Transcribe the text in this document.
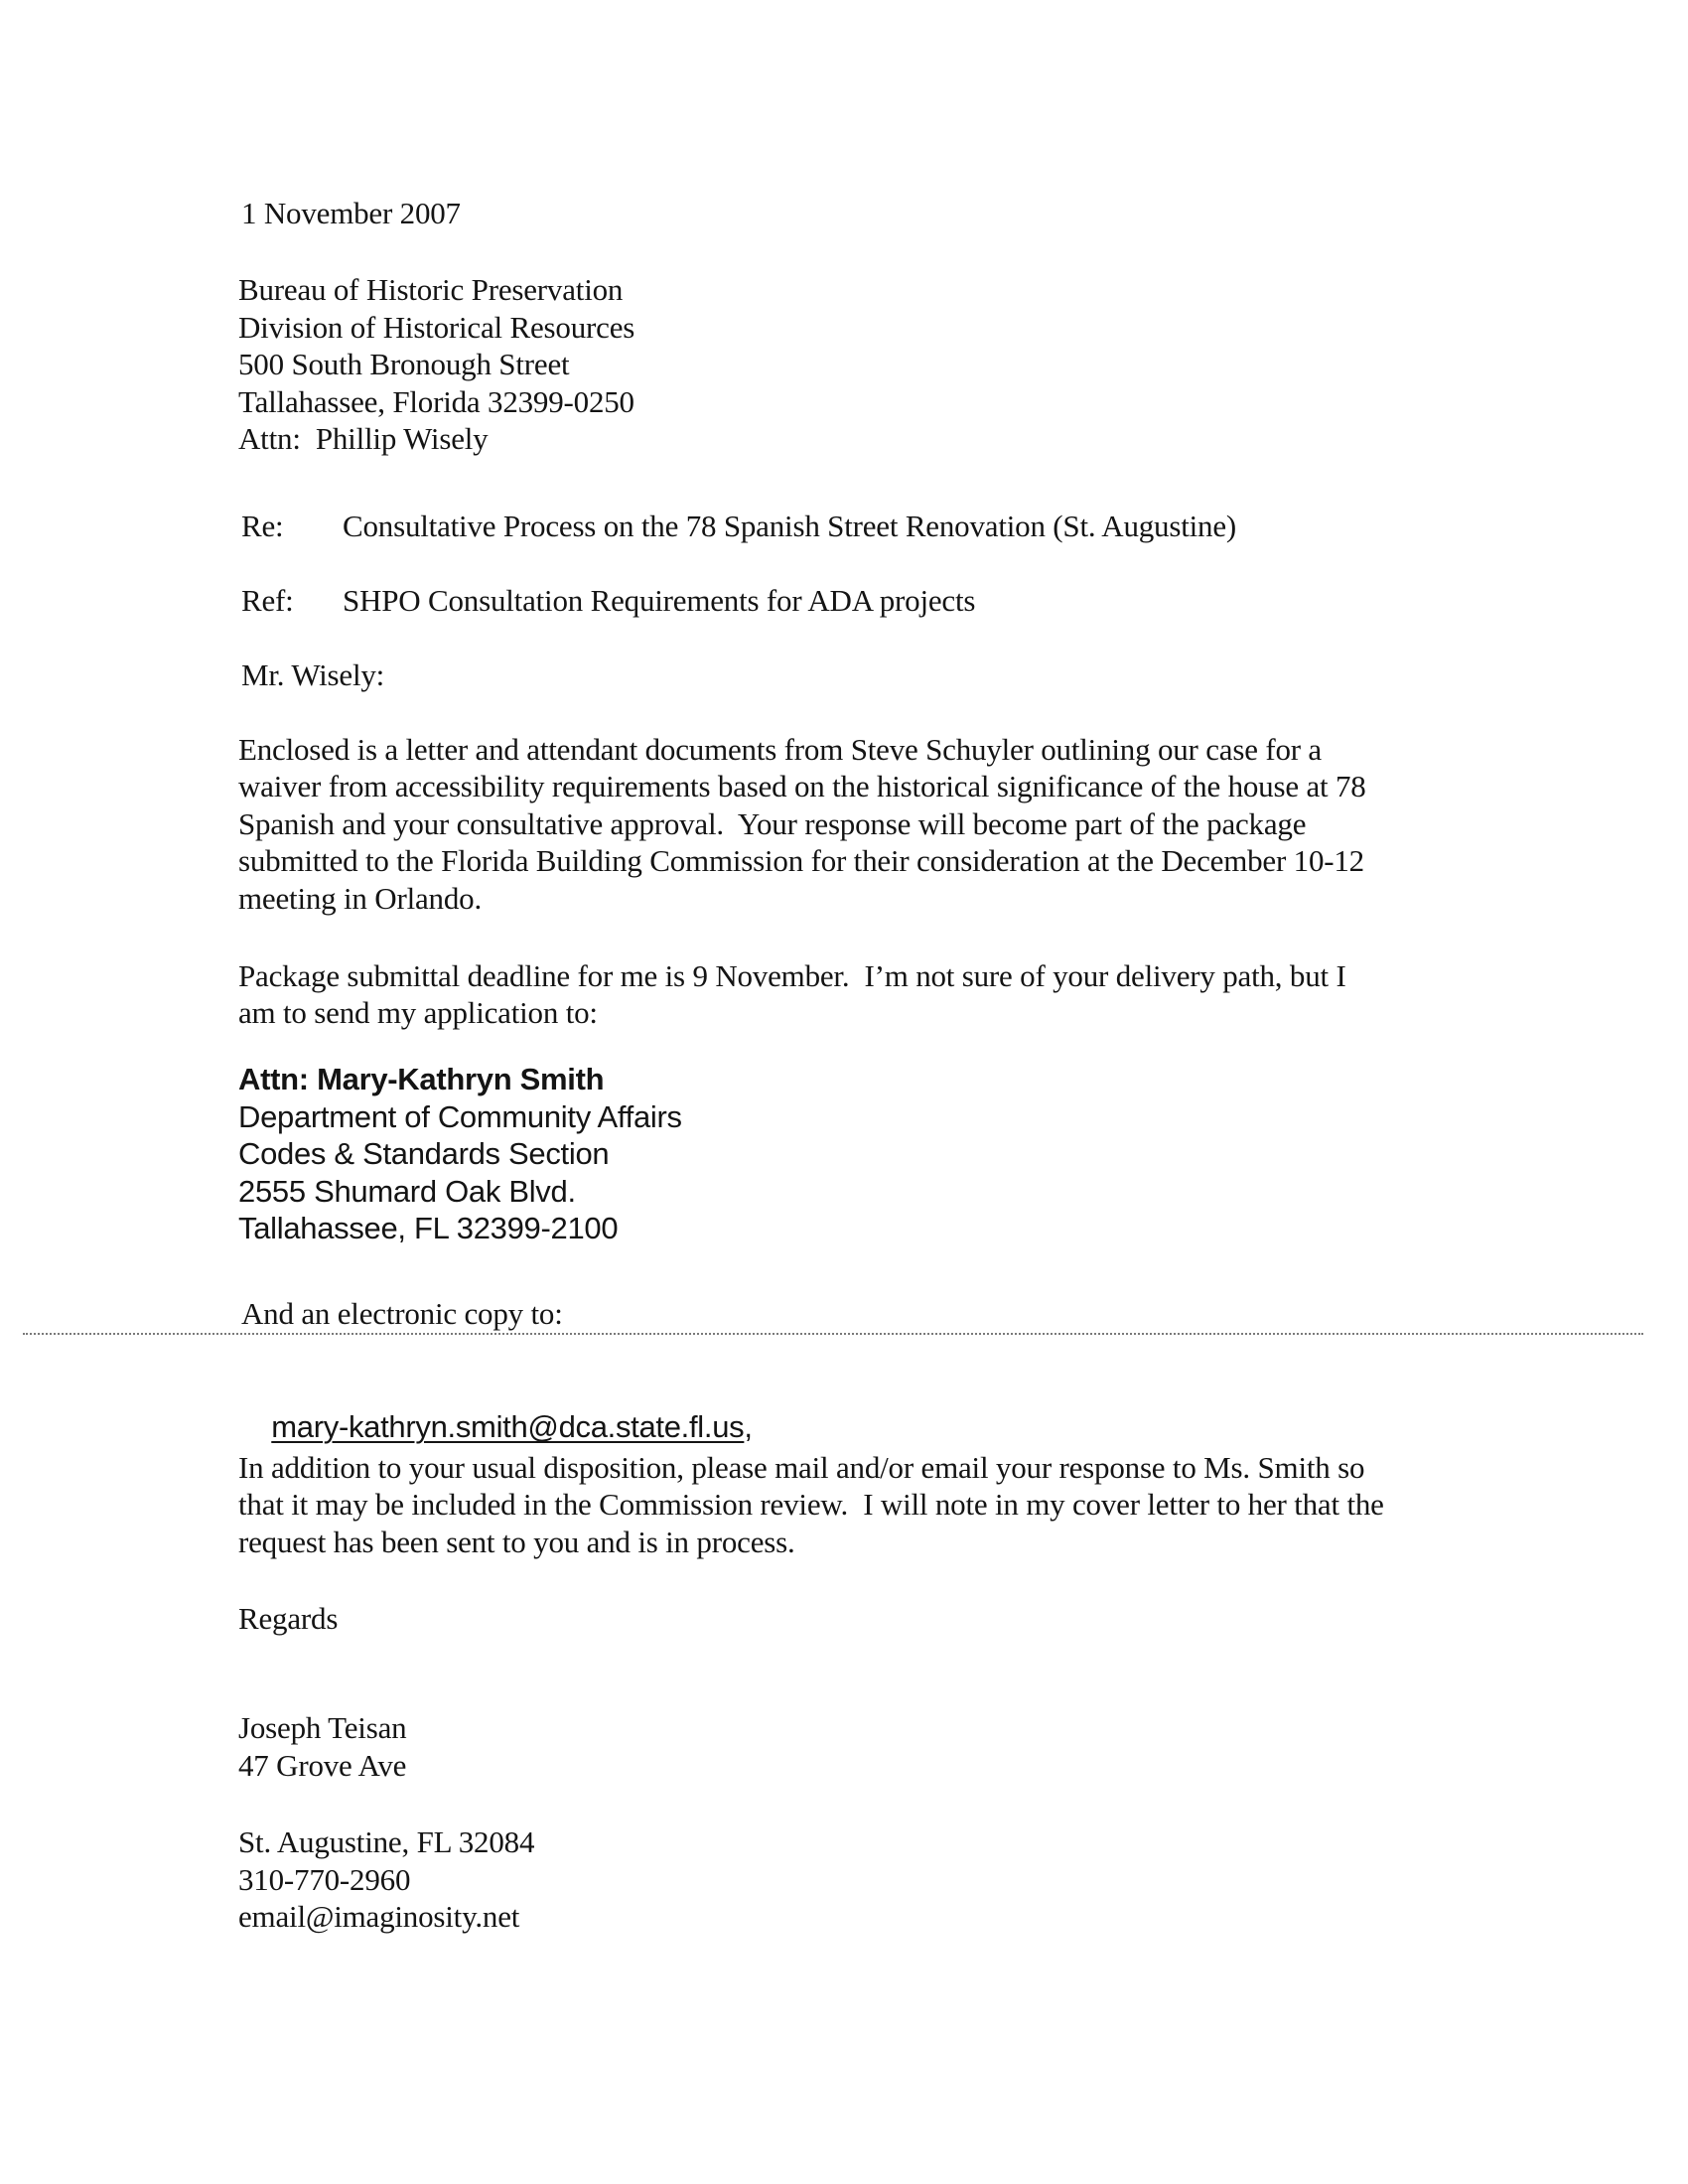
1 November 2007
Bureau of Historic Preservation
Division of Historical Resources
500 South Bronough Street
Tallahassee, Florida 32399-0250
Attn:  Phillip Wisely
Re: Consultative Process on the 78 Spanish Street Renovation (St. Augustine)
Ref: SHPO Consultation Requirements for ADA projects
Mr. Wisely:
Enclosed is a letter and attendant documents from Steve Schuyler outlining our case for a
waiver from accessibility requirements based on the historical significance of the house at 78
Spanish and your consultative approval.  Your response will become part of the package
submitted to the Florida Building Commission for their consideration at the December 10-12
meeting in Orlando.
Package submittal deadline for me is 9 November.  I’m not sure of your delivery path, but I
am to send my application to:
Attn: Mary-Kathryn Smith
Department of Community Affairs
Codes & Standards Section
2555 Shumard Oak Blvd.
Tallahassee, FL 32399-2100
And an electronic copy to:

mary-kathryn.smith@dca.state.fl.us,

In addition to your usual disposition, please mail and/or email your response to Ms. Smith so
that it may be included in the Commission review.  I will note in my cover letter to her that the
request has been sent to you and is in process.
Regards
Joseph Teisan
47 Grove Ave
St. Augustine, FL 32084
310-770-2960
email@imaginosity.net
